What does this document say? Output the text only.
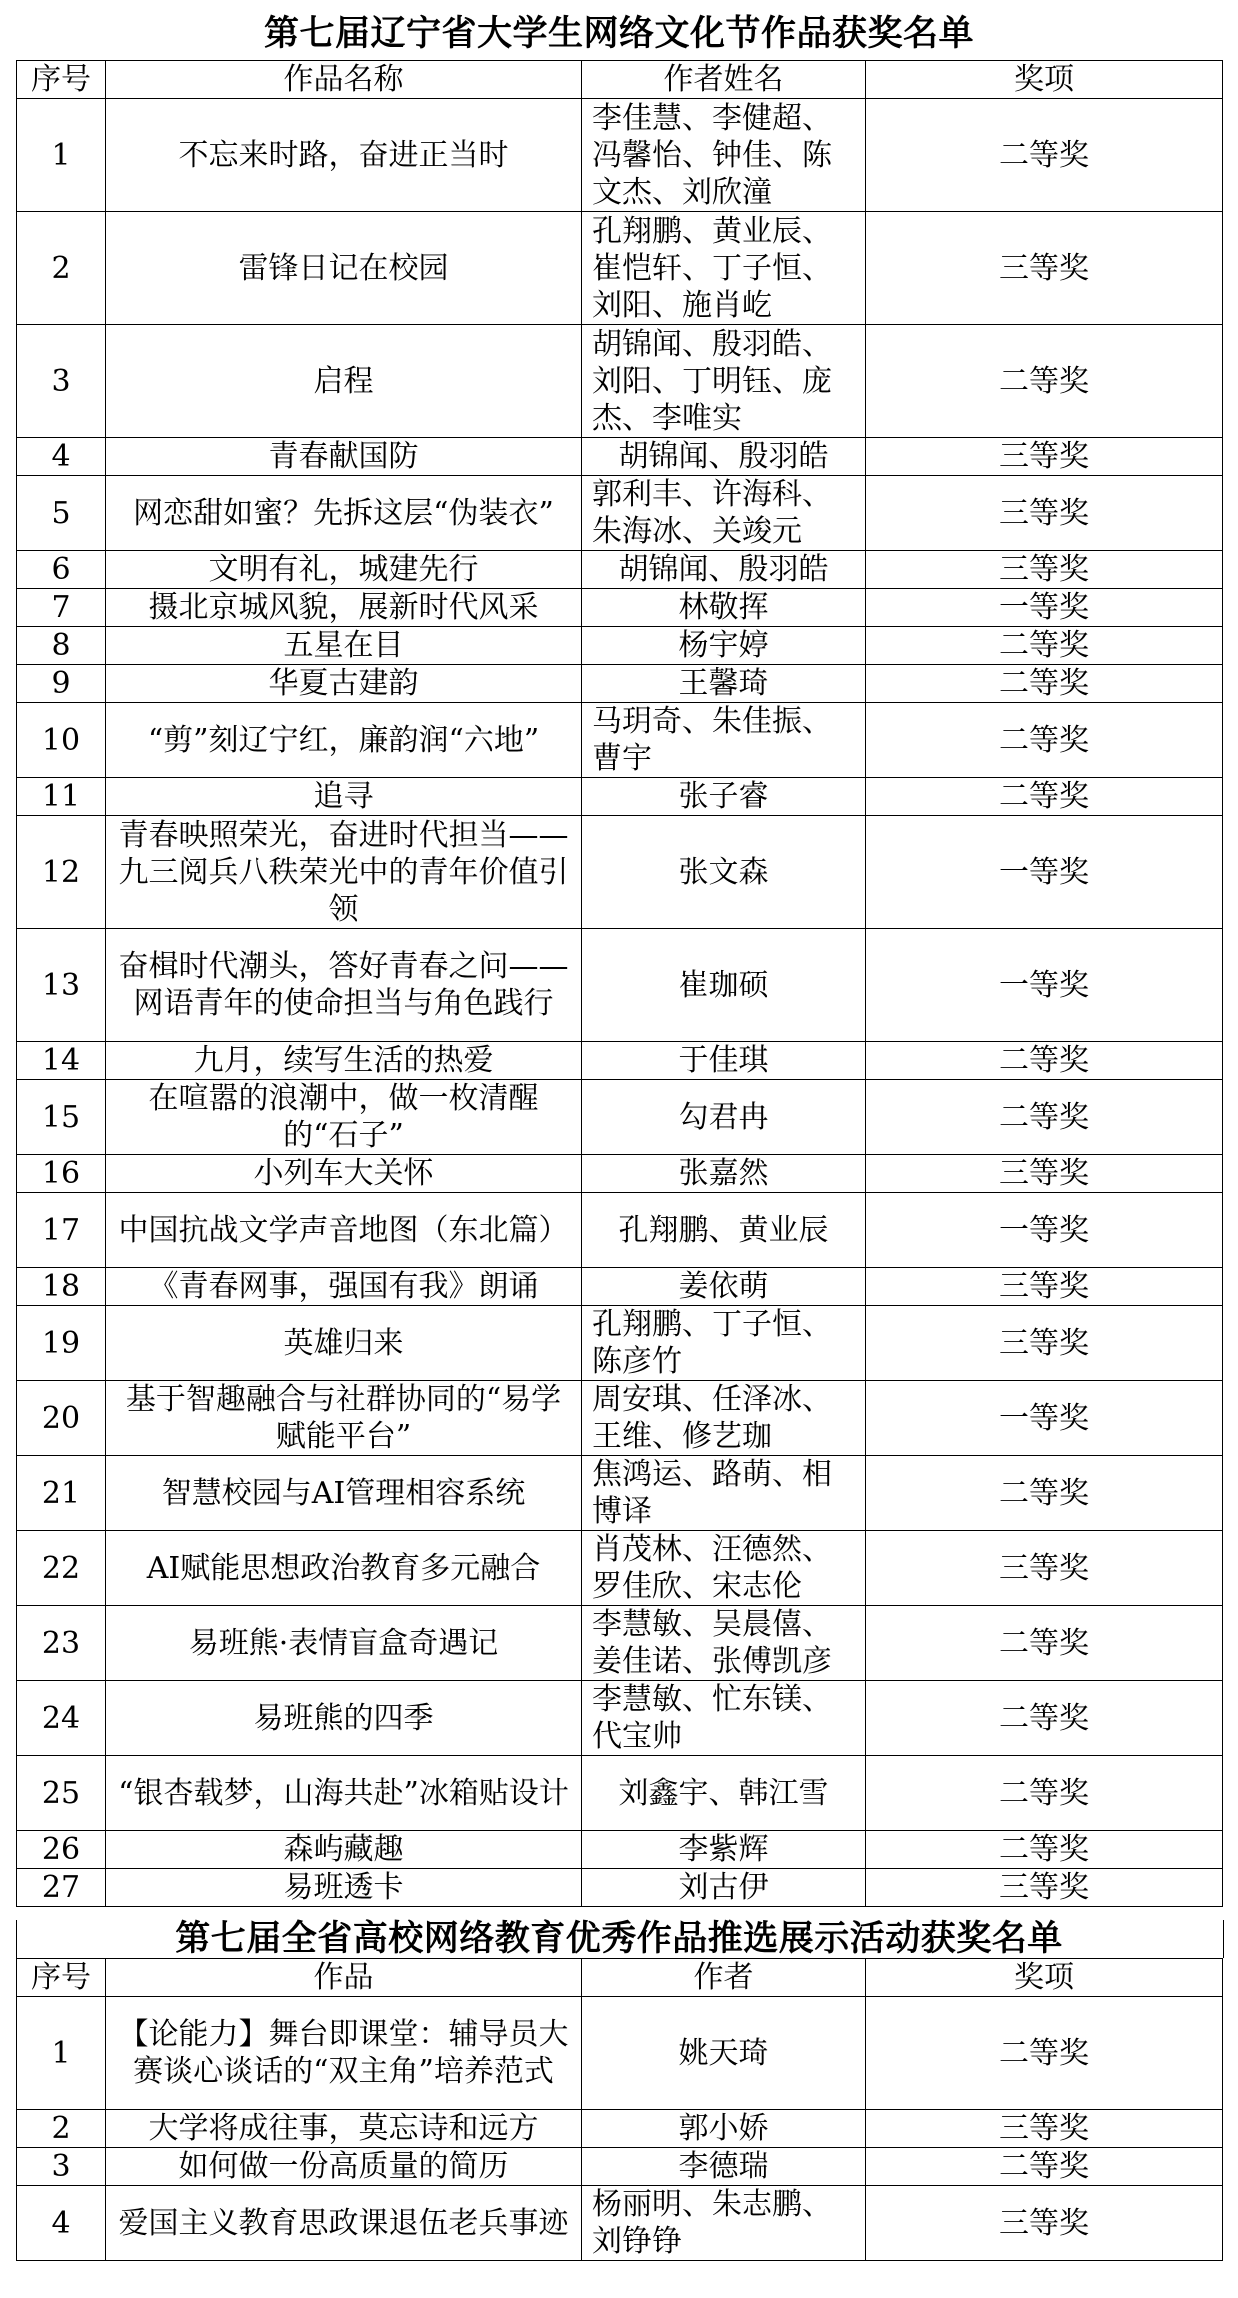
第七届辽宁省大学生网络文化节作品获奖名单
序号	作品名称	作者姓名	奖项
1	不忘来时路，奋进正当时	李佳慧、李健超、冯馨怡、钟佳、陈文杰、刘欣潼	二等奖
2	雷锋日记在校园	孔翔鹏、黄业辰、崔恺轩、丁子恒、刘阳、施肖屹	三等奖
3	启程	胡锦闻、殷羽皓、刘阳、丁明钰、庞杰、李唯实	二等奖
4	青春献国防	胡锦闻、殷羽皓	三等奖
5	网恋甜如蜜？先拆这层“伪装衣”	郭利丰、许海科、朱海冰、关竣元	三等奖
6	文明有礼，城建先行	胡锦闻、殷羽皓	三等奖
7	摄北京城风貌，展新时代风采	林敬挥	一等奖
8	五星在目	杨宇婷	二等奖
9	华夏古建韵	王馨琦	二等奖
10	“剪”刻辽宁红，廉韵润“六地”	马玥奇、朱佳振、曹宇	二等奖
11	追寻	张子睿	二等奖
12	青春映照荣光，奋进时代担当——九三阅兵八秩荣光中的青年价值引领	张文森	一等奖
13	奋楫时代潮头，答好青春之问——网语青年的使命担当与角色践行	崔珈硕	一等奖
14	九月，续写生活的热爱	于佳琪	二等奖
15	在喧嚣的浪潮中，做一枚清醒的“石子”	勾君冉	二等奖
16	小列车大关怀	张嘉然	三等奖
17	中国抗战文学声音地图（东北篇）	孔翔鹏、黄业辰	一等奖
18	《青春网事，强国有我》朗诵	姜依萌	三等奖
19	英雄归来	孔翔鹏、丁子恒、陈彦竹	三等奖
20	基于智趣融合与社群协同的“易学赋能平台”	周安琪、任泽冰、王维、修艺珈	一等奖
21	智慧校园与AI管理相容系统	焦鸿运、路萌、相博译	二等奖
22	AI赋能思想政治教育多元融合	肖茂林、汪德然、罗佳欣、宋志伦	三等奖
23	易班熊·表情盲盒奇遇记	李慧敏、吴晨僖、姜佳诺、张傅凯彦	二等奖
24	易班熊的四季	李慧敏、忙东镁、代宝帅	二等奖
25	“银杏载梦，山海共赴”冰箱贴设计	刘鑫宇、韩江雪	二等奖
26	森屿藏趣	李紫辉	二等奖
27	易班透卡	刘古伊	三等奖
第七届全省高校网络教育优秀作品推选展示活动获奖名单
序号	作品	作者	奖项
1	【论能力】舞台即课堂：辅导员大赛谈心谈话的“双主角”培养范式	姚天琦	二等奖
2	大学将成往事，莫忘诗和远方	郭小娇	三等奖
3	如何做一份高质量的简历	李德瑞	二等奖
4	爱国主义教育思政课退伍老兵事迹	杨丽明、朱志鹏、刘铮铮	三等奖
